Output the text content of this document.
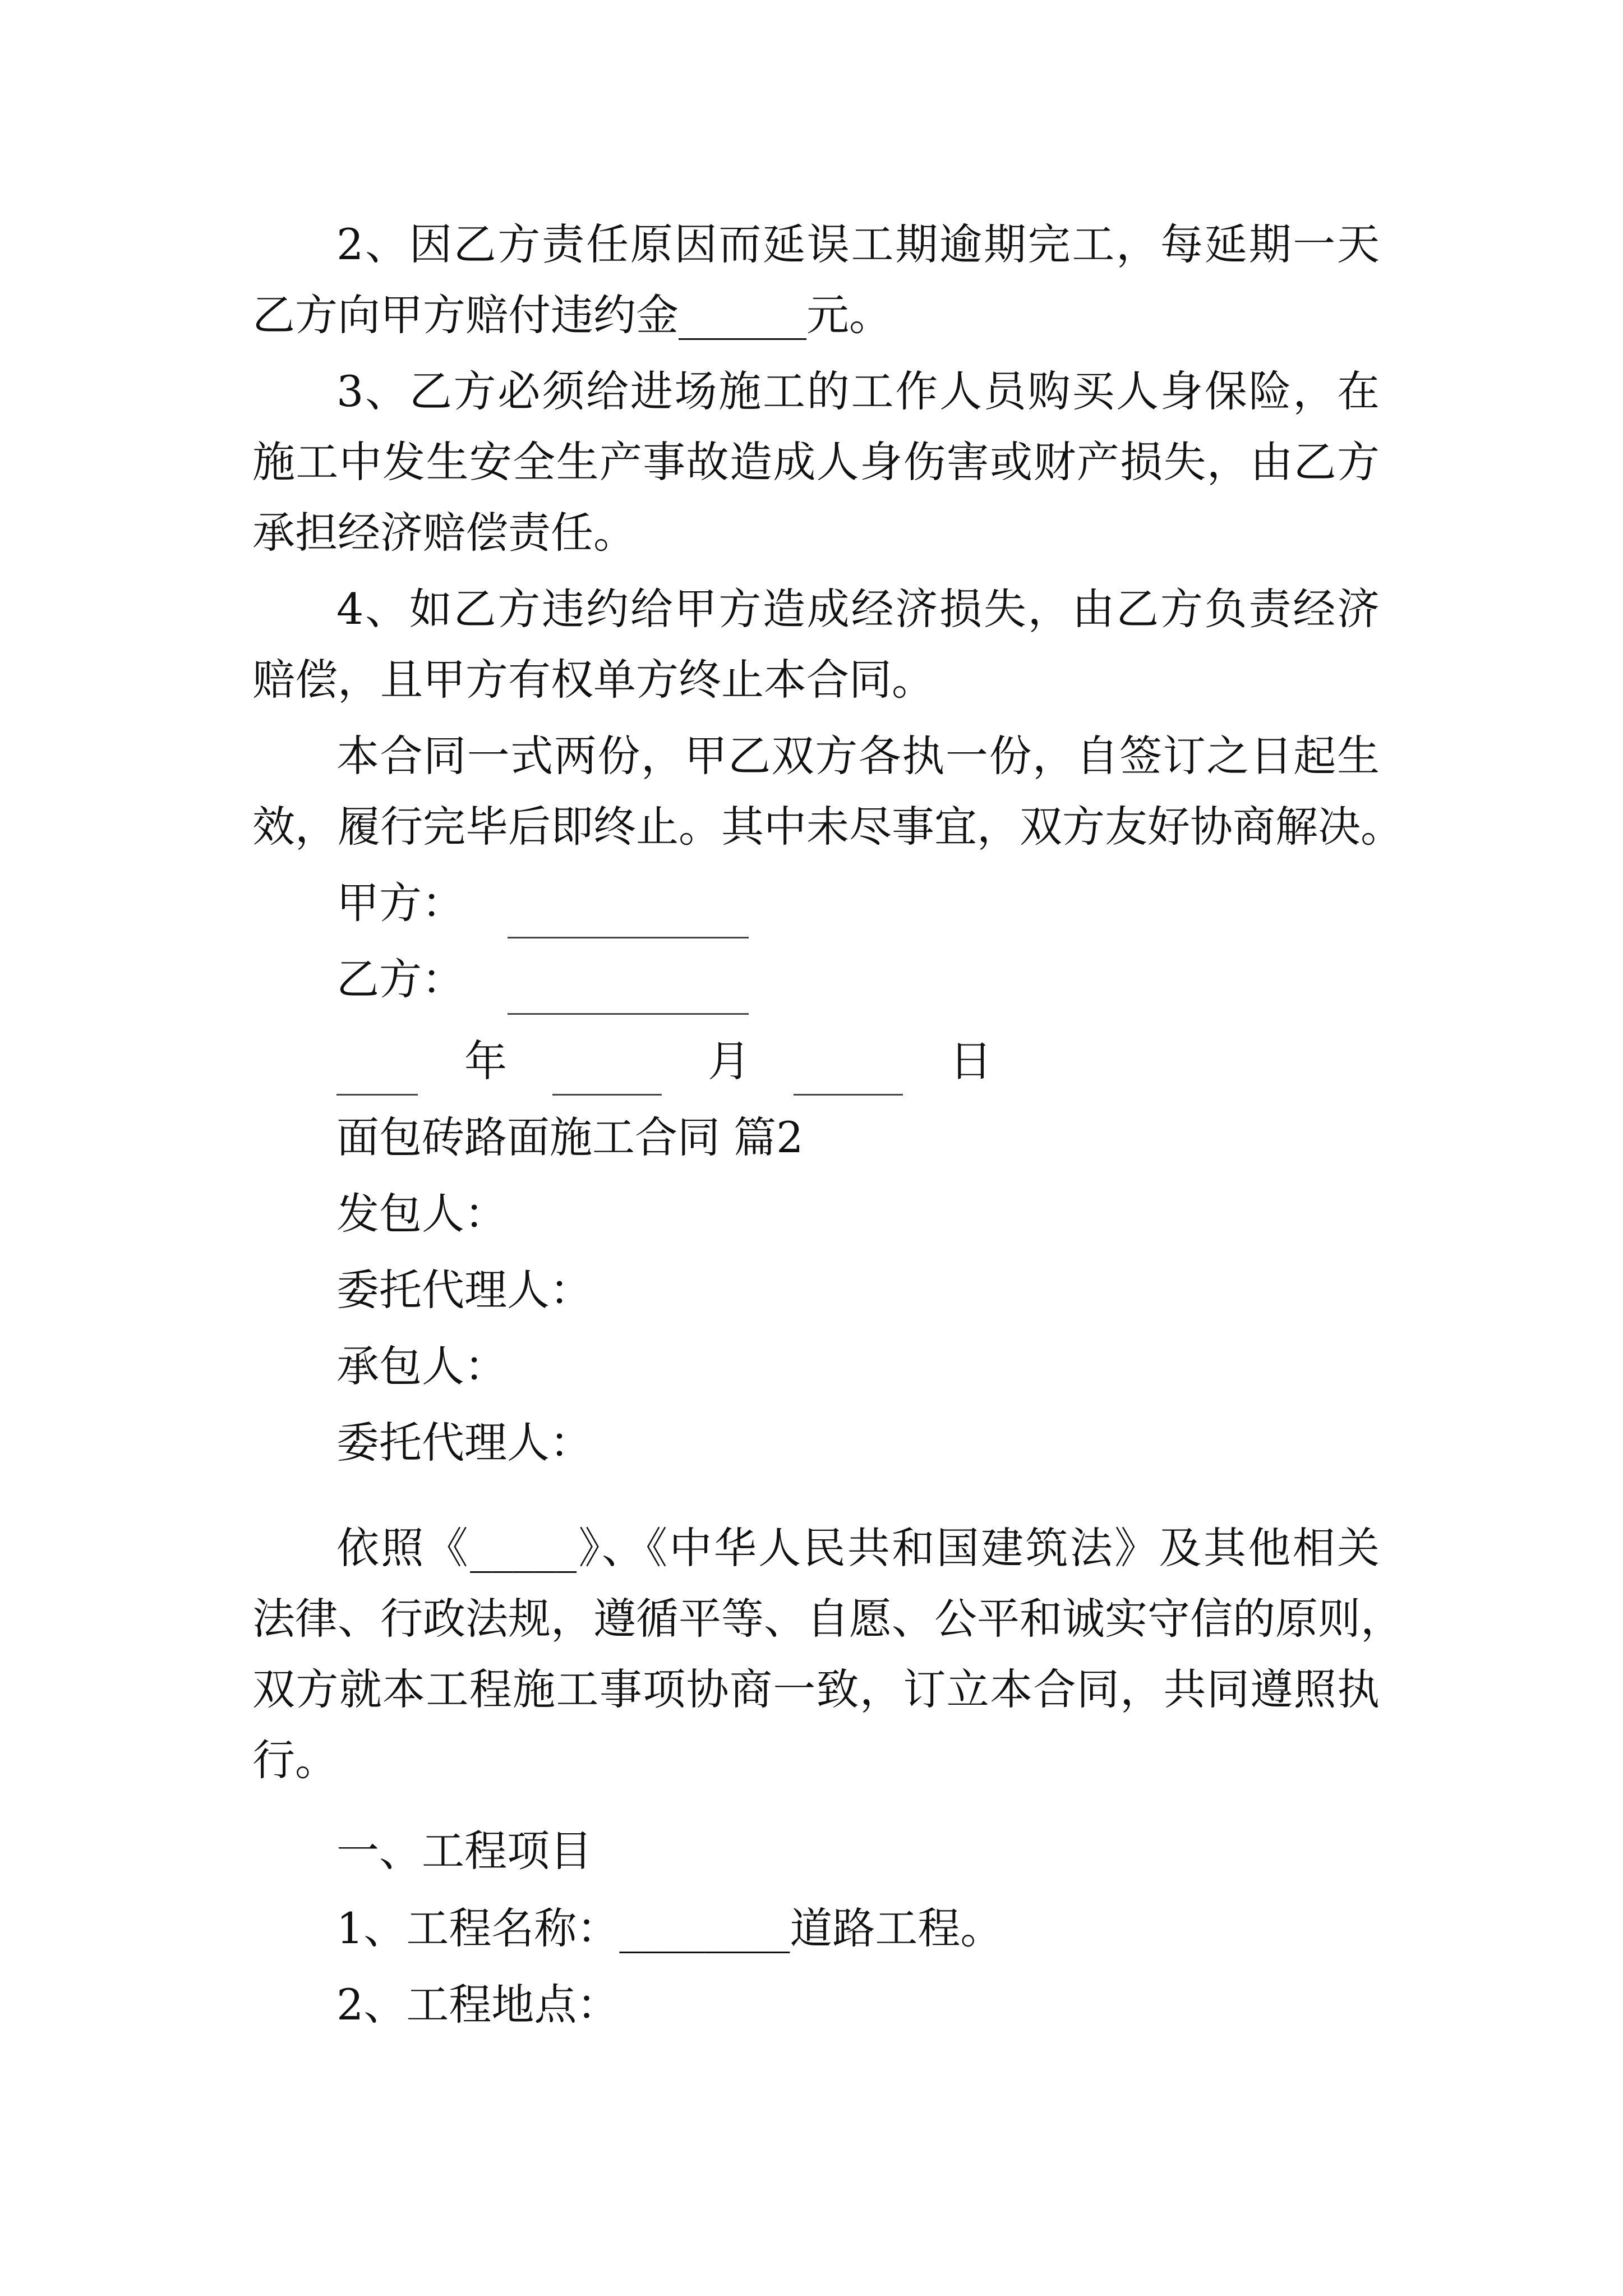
2、因乙方责任原因而延误工期逾期完工，每延期一天
乙方向甲方赔付违约金______元。
3、乙方必须给进场施工的工作人员购买人身保险，在
施工中发生安全生产事故造成人身伤害或财产损失，由乙方
承担经济赔偿责任。
4、如乙方违约给甲方造成经济损失，由乙方负责经济
赔偿，且甲方有权单方终止本合同。
本合同一式两份，甲乙双方各执一份，自签订之日起生
效，履行完毕后即终止。其中未尽事宜，双方友好协商解决。
甲方：
乙方：
年	月	日
面包砖路面施工合同 篇2
发包人：
委托代理人：
承包人：
委托代理人：
依照《_____》、《中华人民共和国建筑法》及其他相关
法律、行政法规，遵循平等、自愿、公平和诚实守信的原则，
双方就本工程施工事项协商一致，订立本合同，共同遵照执
行。
一、工程项目
1、工程名称：________道路工程。
2、工程地点：
